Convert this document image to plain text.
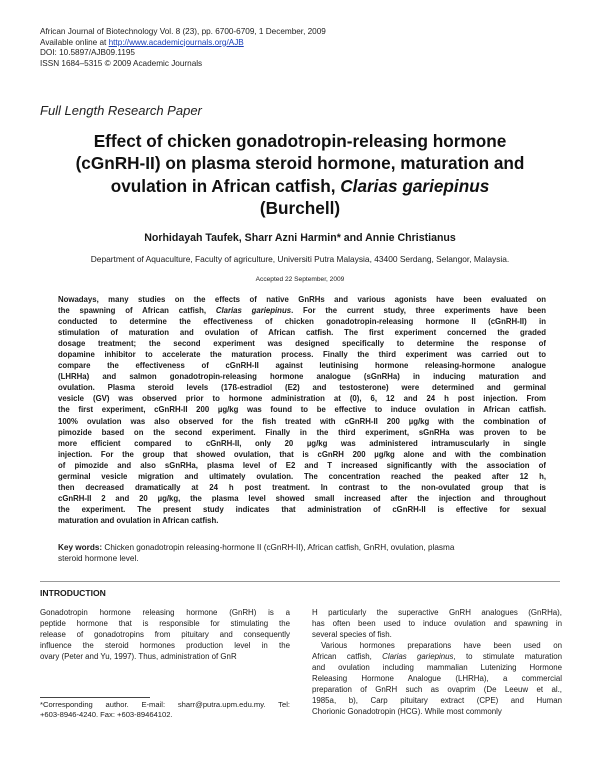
African Journal of Biotechnology Vol. 8 (23), pp. 6700-6709, 1 December, 2009
Available online at http://www.academicjournals.org/AJB
DOI: 10.5897/AJB09.1195
ISSN 1684–5315 © 2009 Academic Journals
Full Length Research Paper
Effect of chicken gonadotropin-releasing hormone
(cGnRH-II) on plasma steroid hormone, maturation and
ovulation in African catfish, Clarias gariepinus
(Burchell)
Norhidayah Taufek, Sharr Azni Harmin* and Annie Christianus
Department of Aquaculture, Faculty of agriculture, Universiti Putra Malaysia, 43400 Serdang, Selangor, Malaysia.
Accepted 22 September, 2009
Nowadays, many studies on the effects of native GnRHs and various agonists have been evaluated on
the spawning of African catfish, Clarias gariepinus. For the current study, three experiments have been
conducted to determine the effectiveness of chicken gonadotropin-releasing hormone II (cGnRH-II) in
stimulation of maturation and ovulation of African catfish. The first experiment concerned the graded
dosage treatment; the second experiment was designed specifically to determine the response of
dopamine inhibitor to accelerate the maturation process. Finally the third experiment was carried out to
compare the effectiveness of cGnRH-II against leutinising hormone releasing-hormone analogue
(LHRHa) and salmon gonadotropin-releasing hormone analogue (sGnRHa) in inducing maturation and
ovulation. Plasma steroid levels (17ß-estradiol (E2) and testosterone) were determined and germinal
vesicle (GV) was observed prior to hormone administration at (0), 6, 12 and 24 h post injection. From
the first experiment, cGnRH-II 200 µg/kg was found to be effective to induce ovulation in African catfish.
100% ovulation was also observed for the fish treated with cGnRH-II 200 µg/kg with the combination of
pimozide based on the second experiment. Finally in the third experiment, sGnRHa was proven to be
more efficient compared to cGnRH-II, only 20 µg/kg was administered intramuscularly in single
injection. For the group that showed ovulation, that is cGnRH 200 µg/kg alone and with the combination
of pimozide and also sGnRHa, plasma level of E2 and T increased significantly with the association of
germinal vesicle migration and ultimately ovulation. The concentration reached the peaked after 12 h,
then decreased dramatically at 24 h post treatment. In contrast to the non-ovulated group that is
cGnRH-II 2 and 20 µg/kg, the plasma level showed small increased after the injection and throughout
the experiment. The present study indicates that administration of cGnRH-II is effective for sexual
maturation and ovulation in African catfish.
Key words: Chicken gonadotropin releasing-hormone II (cGnRH-II), African catfish, GnRH, ovulation, plasma
steroid hormone level.
INTRODUCTION
Gonadotropin hormone releasing hormone (GnRH) is a
peptide hormone that is responsible for stimulating the
release of gonadotropins from pituitary and consequently
influence the steroid hormones production level in the
ovary (Peter and Yu, 1997). Thus, administration of GnR
H particularly the superactive GnRH analogues (GnRHa),
has often been used to induce ovulation and spawning in
several species of fish.
Various hormones preparations have been used on
African catfish, Clarias gariepinus, to stimulate maturation
and ovulation including mammalian Lutenizing Hormone
Releasing Hormone Analogue (LHRHa), a commercial
preparation of GnRH such as ovaprim (De Leeuw et al.,
1985a, b), Carp pituitary extract (CPE) and Human
Chorionic Gonadotropin (HCG). While most commonly
*Corresponding author. E-mail: sharr@putra.upm.edu.my. Tel:
+603-8946-4240. Fax: +603-89464102.
